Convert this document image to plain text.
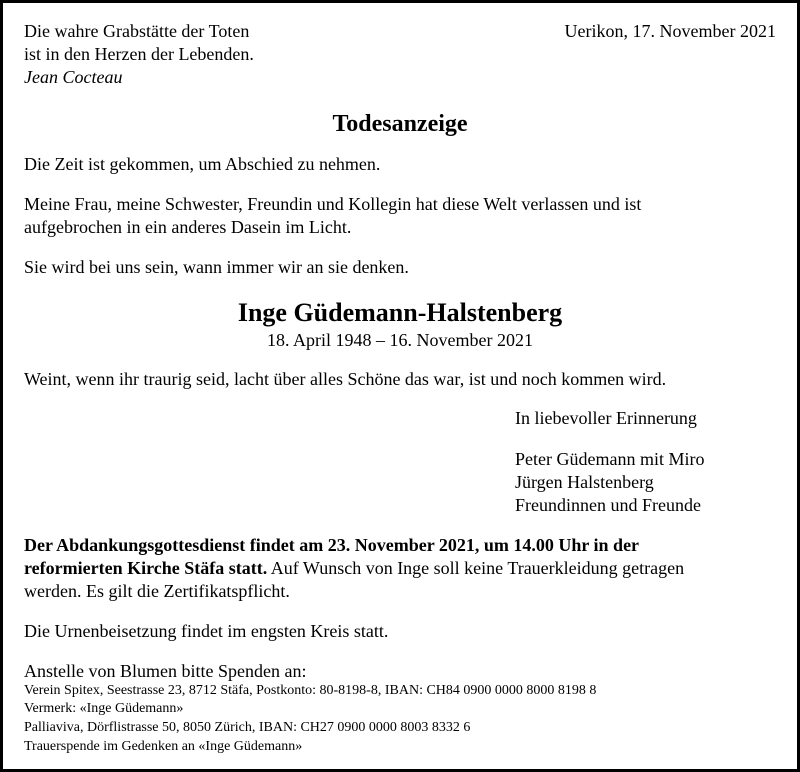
Die wahre Grabstätte der Toten
ist in den Herzen der Lebenden.
Jean Cocteau
Uerikon, 17. November 2021
Todesanzeige
Die Zeit ist gekommen, um Abschied zu nehmen.
Meine Frau, meine Schwester, Freundin und Kollegin hat diese Welt verlassen und ist
aufgebrochen in ein anderes Dasein im Licht.
Sie wird bei uns sein, wann immer wir an sie denken.
Inge Güdemann-Halstenberg
18. April 1948 – 16. November 2021
Weint, wenn ihr traurig seid, lacht über alles Schöne das war, ist und noch kommen wird.
In liebevoller Erinnerung
Peter Güdemann mit Miro
Jürgen Halstenberg
Freundinnen und Freunde
Der Abdankungsgottesdienst findet am 23. November 2021, um 14.00 Uhr in der
reformierten Kirche Stäfa statt. Auf Wunsch von Inge soll keine Trauerkleidung getragen
werden. Es gilt die Zertifikatspflicht.
Die Urnenbeisetzung findet im engsten Kreis statt.
Anstelle von Blumen bitte Spenden an:
Verein Spitex, Seestrasse 23, 8712 Stäfa, Postkonto: 80-8198-8, IBAN: CH84 0900 0000 8000 8198 8
Vermerk: «Inge Güdemann»
Palliaviva, Dörflistrasse 50, 8050 Zürich, IBAN: CH27 0900 0000 8003 8332 6
Trauerspende im Gedenken an «Inge Güdemann»
